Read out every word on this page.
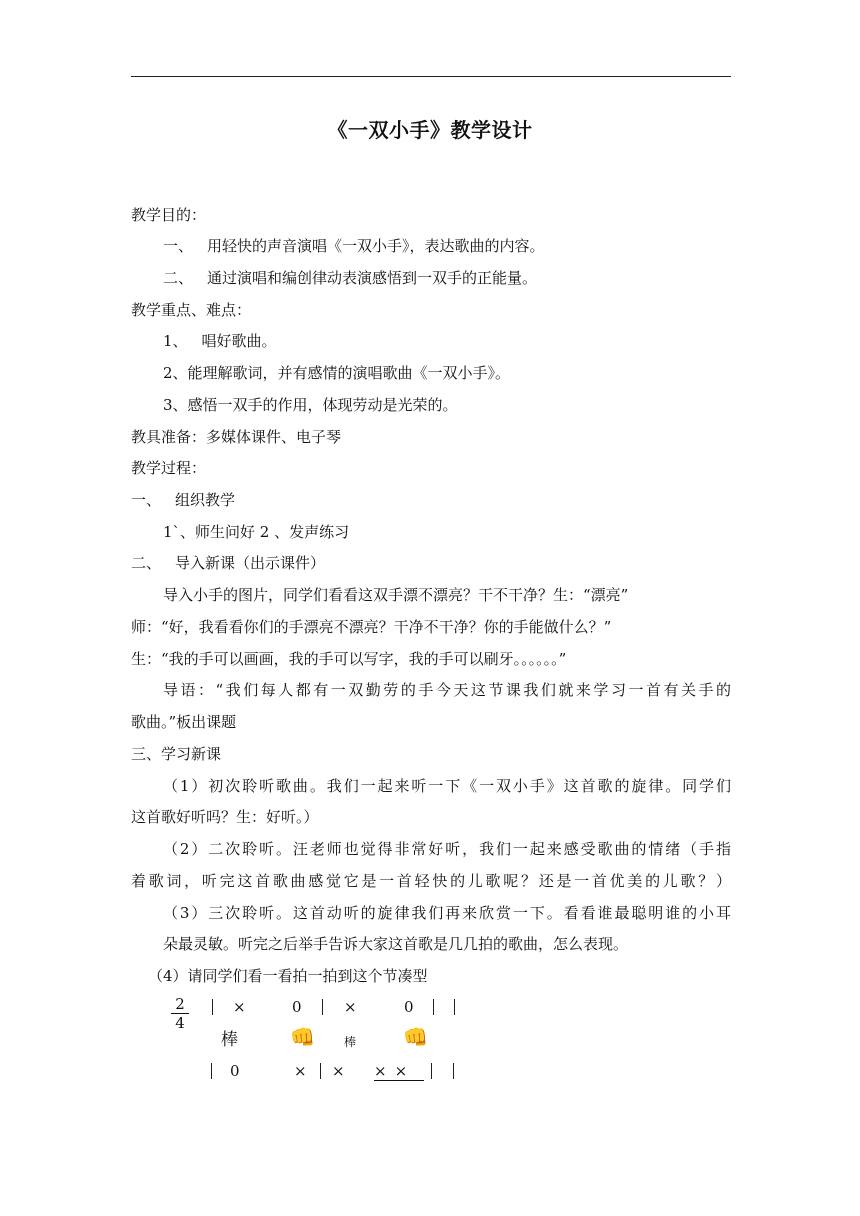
《一双小手》教学设计
教学目的：
一、 用轻快的声音演唱《一双小手》，表达歌曲的内容。
二、 通过演唱和编创律动表演感悟到一双手的正能量。
教学重点、难点：
1、 唱好歌曲。
2、能理解歌词，并有感情的演唱歌曲《一双小手》。
3、感悟一双手的作用，体现劳动是光荣的。
教具准备：多媒体课件、电子琴
教学过程：
一、 组织教学
1`、师生问好 2 、发声练习
二、 导入新课（出示课件）
导入小手的图片，同学们看看这双手漂不漂亮？干不干净？生：“漂亮”
师：“好，我看看你们的手漂亮不漂亮？干净不干净？你的手能做什么？”
生：“我的手可以画画，我的手可以写字，我的手可以刷牙。。。。。。”
导语：“我们每人都有一双勤劳的手今天这节课我们就来学习一首有关手的
歌曲。”板出课题
三、学习新课
（1）初次聆听歌曲。我们一起来听一下《一双小手》这首歌的旋律。同学们
这首歌好听吗？生：好听。）
（2）二次聆听。汪老师也觉得非常好听，我们一起来感受歌曲的情绪（手指
着歌词，听完这首歌曲感觉它是一首轻快的儿歌呢？还是一首优美的儿歌？）
（3）三次聆听。这首动听的旋律我们再来欣赏一下。看看谁最聪明谁的小耳
朵最灵敏。听完之后举手告诉大家这首歌是几几拍的歌曲，怎么表现。
（4）请同学们看一看拍一拍到这个节凑型
$\frac{2}{4}$	×	0	×	0
棒	👊 棒 👊
0	× × ××
